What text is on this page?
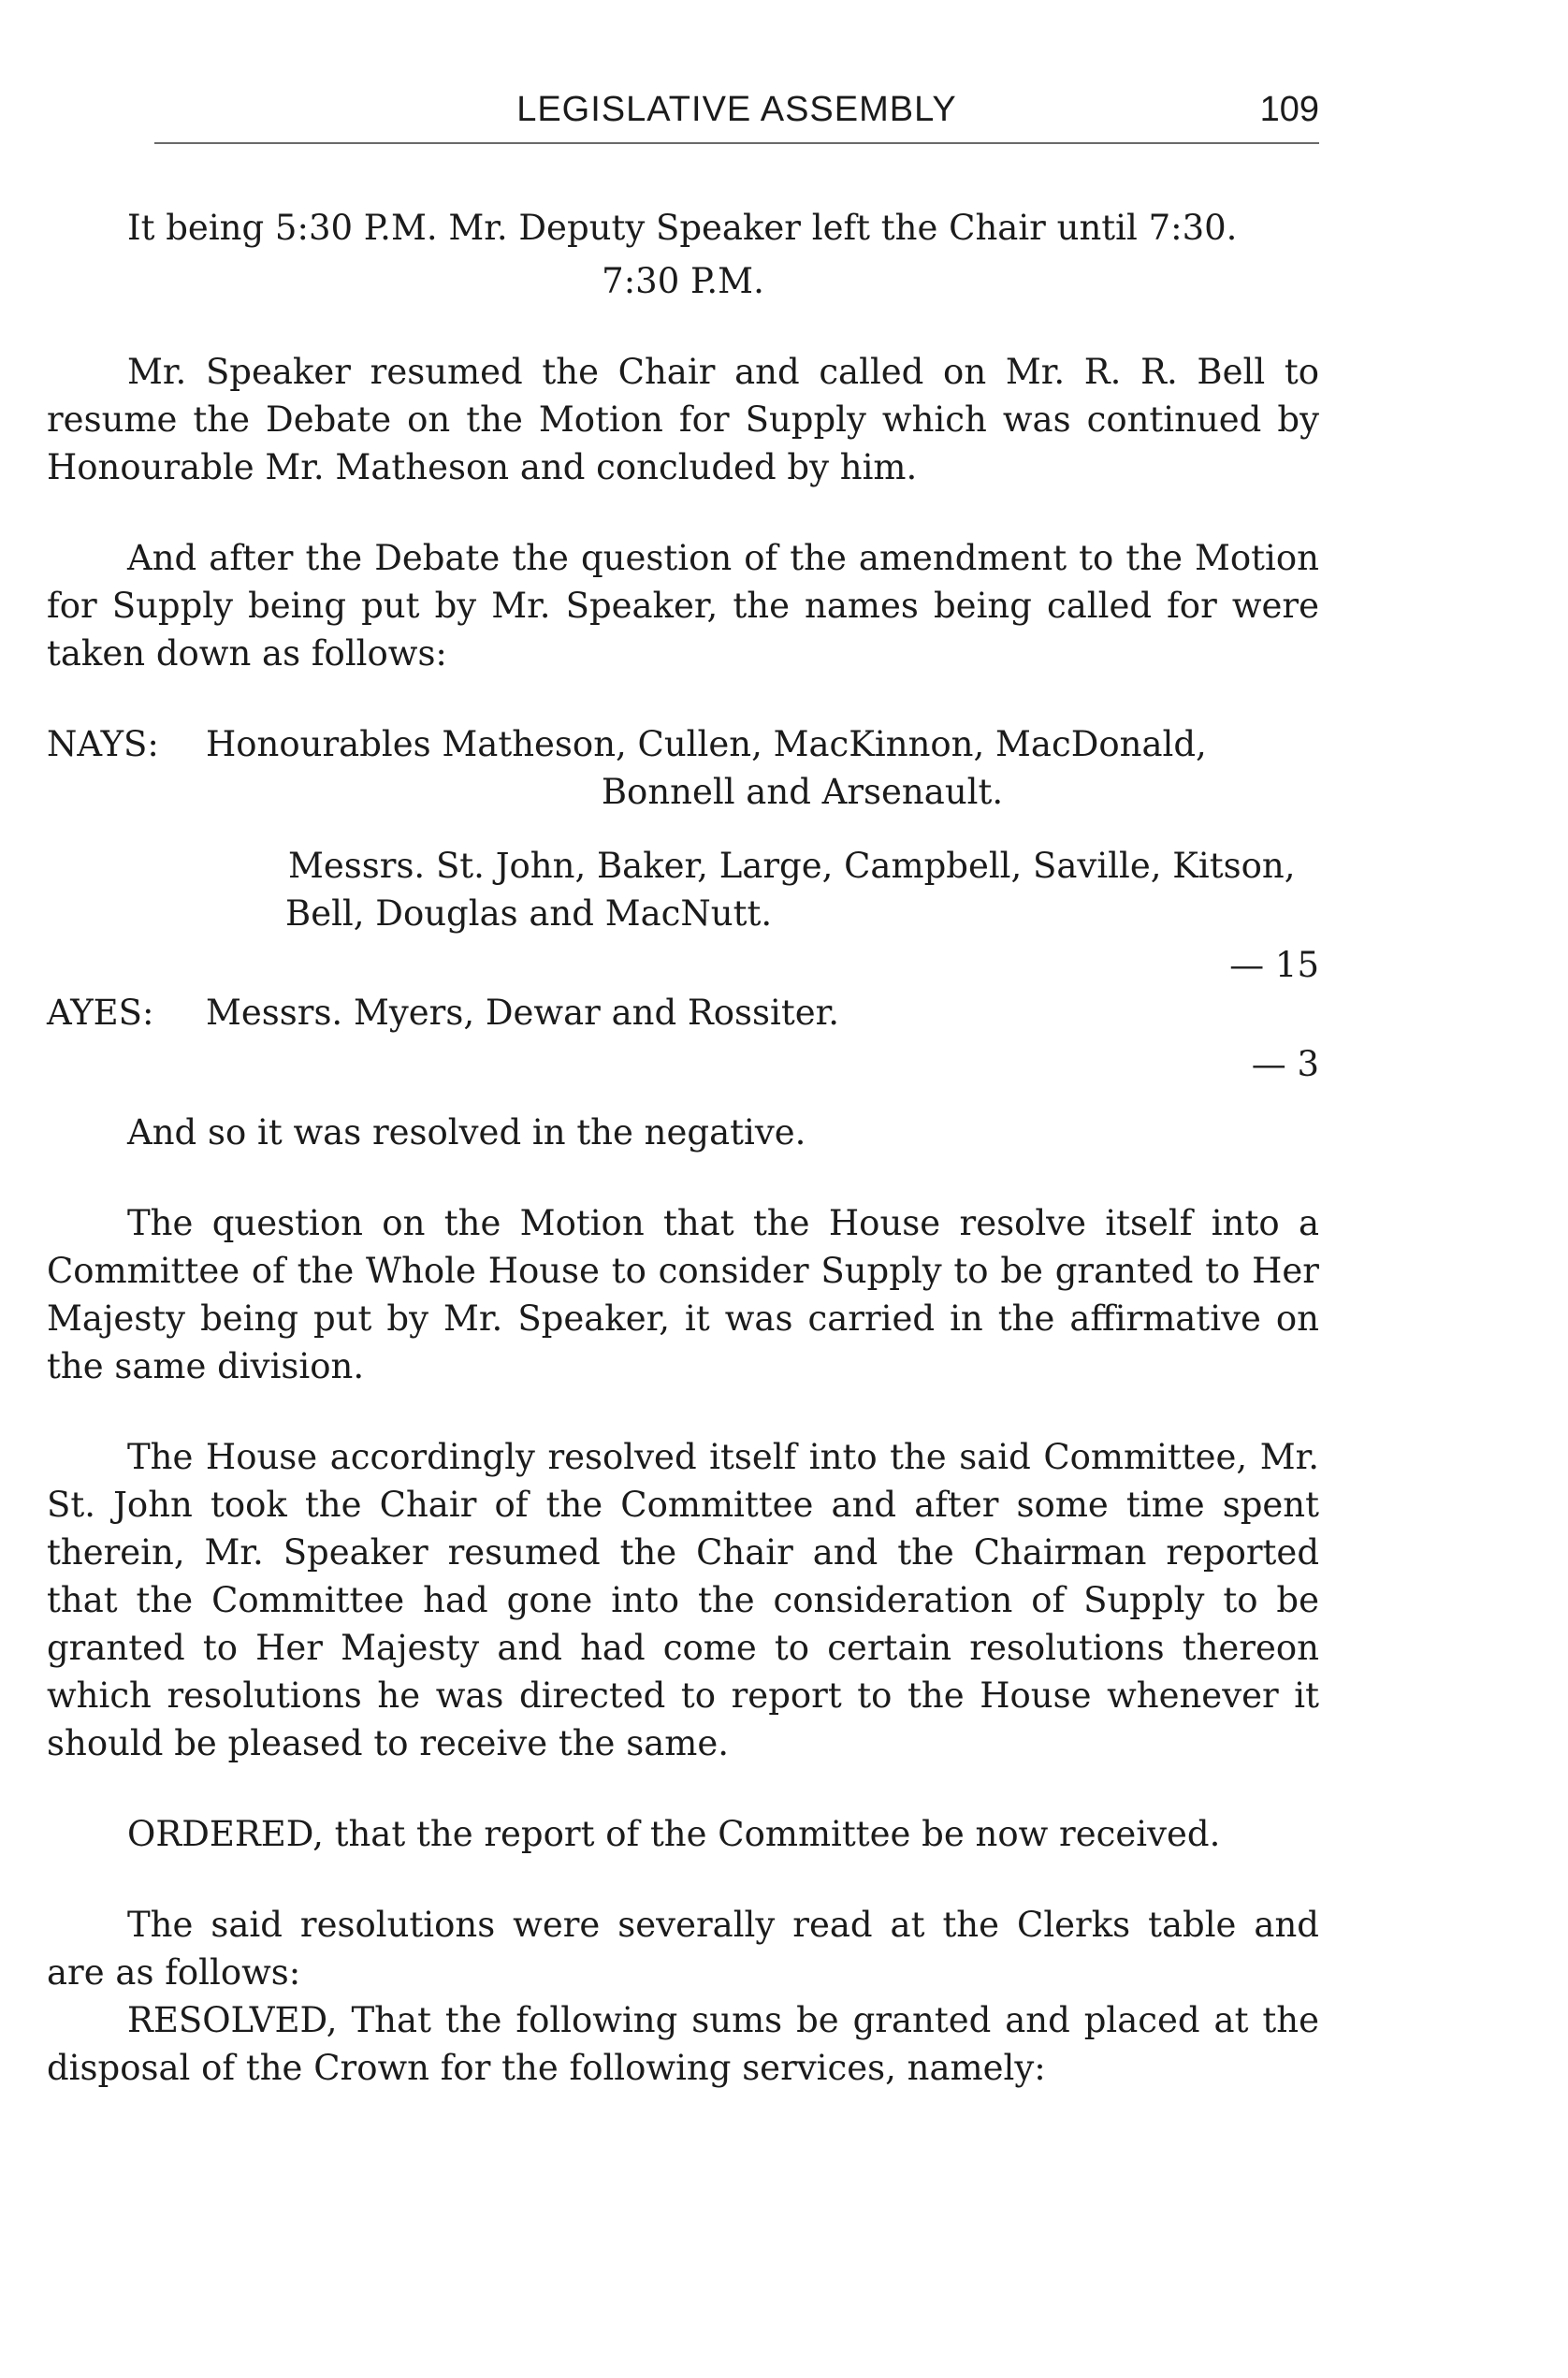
LEGISLATIVE ASSEMBLY	109

It being 5:30 P.M. Mr. Deputy Speaker left the Chair until 7:30.

7:30 P.M.

Mr. Speaker resumed the Chair and called on Mr. R. R. Bell to resume the Debate on the Motion for Supply which was continued by Honourable Mr. Matheson and concluded by him.

And after the Debate the question of the amendment to the Motion for Supply being put by Mr. Speaker, the names being called for were taken down as follows:

NAYS: Honourables Matheson, Cullen, MacKinnon, MacDonald,

Bonnell and Arsenault.

Messrs. St. John, Baker, Large, Campbell, Saville, Kitson,

Bell, Douglas and MacNutt.

— 15

AYES: Messrs. Myers, Dewar and Rossiter.

— 3

And so it was resolved in the negative.

The question on the Motion that the House resolve itself into a Committee of the Whole House to consider Supply to be granted to Her Majesty being put by Mr. Speaker, it was carried in the affirmative on the same division.

The House accordingly resolved itself into the said Committee, Mr. St. John took the Chair of the Committee and after some time spent therein, Mr. Speaker resumed the Chair and the Chairman reported that the Committee had gone into the consideration of Supply to be granted to Her Majesty and had come to certain resolutions thereon which resolutions he was directed to report to the House whenever it should be pleased to receive the same.

ORDERED, that the report of the Committee be now received.

The said resolutions were severally read at the Clerks table and are as follows:

RESOLVED, That the following sums be granted and placed at the disposal of the Crown for the following services, namely:
